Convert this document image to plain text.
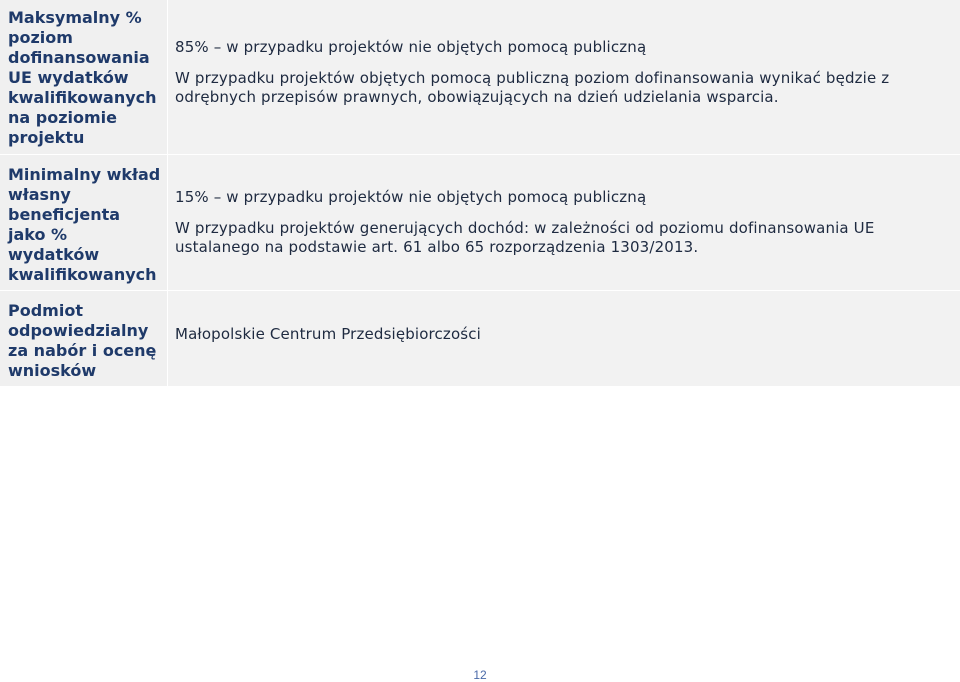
Maksymalny % poziom dofinansowania UE wydatków kwalifikowanych na poziomie projektu

85% – w przypadku projektów nie objętych pomocą publiczną

W przypadku projektów objętych pomocą publiczną poziom dofinansowania wynikać będzie z odrębnych przepisów prawnych, obowiązujących na dzień udzielania wsparcia.

Minimalny wkład własny beneficjenta jako % wydatków kwalifikowanych

15% – w przypadku projektów nie objętych pomocą publiczną

W przypadku projektów generujących dochód: w zależności od poziomu dofinansowania UE ustalanego na podstawie art. 61 albo 65 rozporządzenia 1303/2013.

Podmiot odpowiedzialny za nabór i ocenę wniosków

Małopolskie Centrum Przedsiębiorczości

12
